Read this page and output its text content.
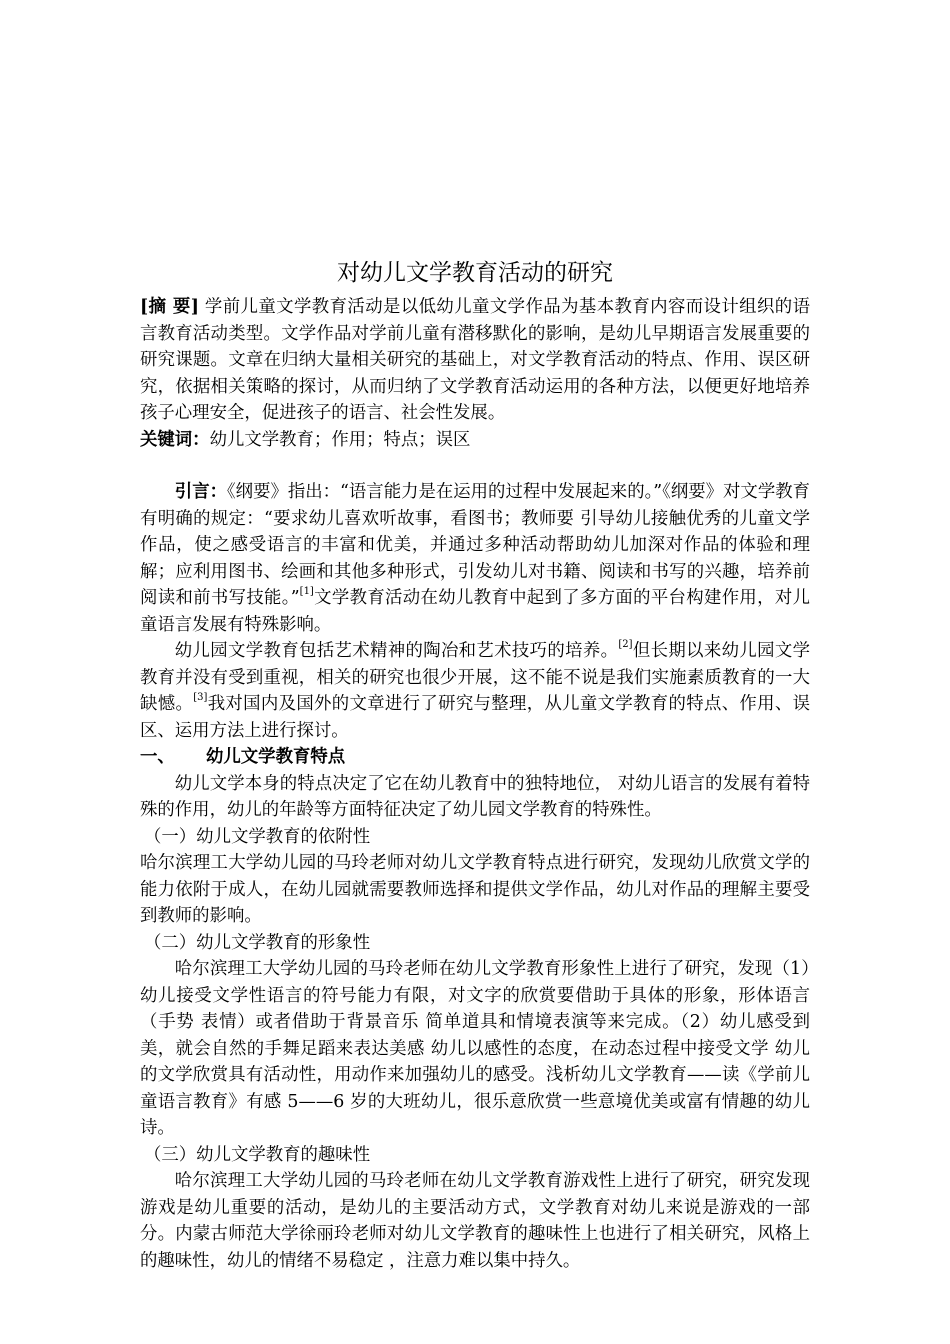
对幼儿文学教育活动的研究

[摘 要] 学前儿童文学教育活动是以低幼儿童文学作品为基本教育内容而设计组织的语言教育活动类型。文学作品对学前儿童有潜移默化的影响，是幼儿早期语言发展重要的研究课题。文章在归纳大量相关研究的基础上，对文学教育活动的特点、作用、误区研究，依据相关策略的探讨，从而归纳了文学教育活动运用的各种方法，以便更好地培养孩子心理安全，促进孩子的语言、社会性发展。

关键词：幼儿文学教育；作用；特点；误区

引言：《纲要》指出：“语言能力是在运用的过程中发展起来的。”《纲要》对文学教育有明确的规定：“要求幼儿喜欢听故事，看图书；教师要 引导幼儿接触优秀的儿童文学作品，使之感受语言的丰富和优美，并通过多种活动帮助幼儿加深对作品的体验和理解；应利用图书、绘画和其他多种形式，引发幼儿对书籍、阅读和书写的兴趣，培养前阅读和前书写技能。”[1]文学教育活动在幼儿教育中起到了多方面的平台构建作用，对儿童语言发展有特殊影响。

幼儿园文学教育包括艺术精神的陶冶和艺术技巧的培养。[2]但长期以来幼儿园文学教育并没有受到重视，相关的研究也很少开展，这不能不说是我们实施素质教育的一大缺憾。[3]我对国内及国外的文章进行了研究与整理，从儿童文学教育的特点、作用、误区、运用方法上进行探讨。

一、 幼儿文学教育特点

幼儿文学本身的特点决定了它在幼儿教育中的独特地位， 对幼儿语言的发展有着特殊的作用，幼儿的年龄等方面特征决定了幼儿园文学教育的特殊性。

（一）幼儿文学教育的依附性

哈尔滨理工大学幼儿园的马玲老师对幼儿文学教育特点进行研究，发现幼儿欣赏文学的能力依附于成人，在幼儿园就需要教师选择和提供文学作品，幼儿对作品的理解主要受到教师的影响。

（二）幼儿文学教育的形象性

哈尔滨理工大学幼儿园的马玲老师在幼儿文学教育形象性上进行了研究，发现（1）幼儿接受文学性语言的符号能力有限，对文字的欣赏要借助于具体的形象，形体语言（手势 表情）或者借助于背景音乐 简单道具和情境表演等来完成。（2）幼儿感受到美，就会自然的手舞足蹈来表达美感 幼儿以感性的态度，在动态过程中接受文学 幼儿的文学欣赏具有活动性，用动作来加强幼儿的感受。浅析幼儿文学教育——读《学前儿童语言教育》有感 5——6 岁的大班幼儿，很乐意欣赏一些意境优美或富有情趣的幼儿诗。

（三）幼儿文学教育的趣味性

哈尔滨理工大学幼儿园的马玲老师在幼儿文学教育游戏性上进行了研究，研究发现游戏是幼儿重要的活动，是幼儿的主要活动方式，文学教育对幼儿来说是游戏的一部分。内蒙古师范大学徐丽玲老师对幼儿文学教育的趣味性上也进行了相关研究，风格上的趣味性，幼儿的情绪不易稳定 ，注意力难以集中持久。
